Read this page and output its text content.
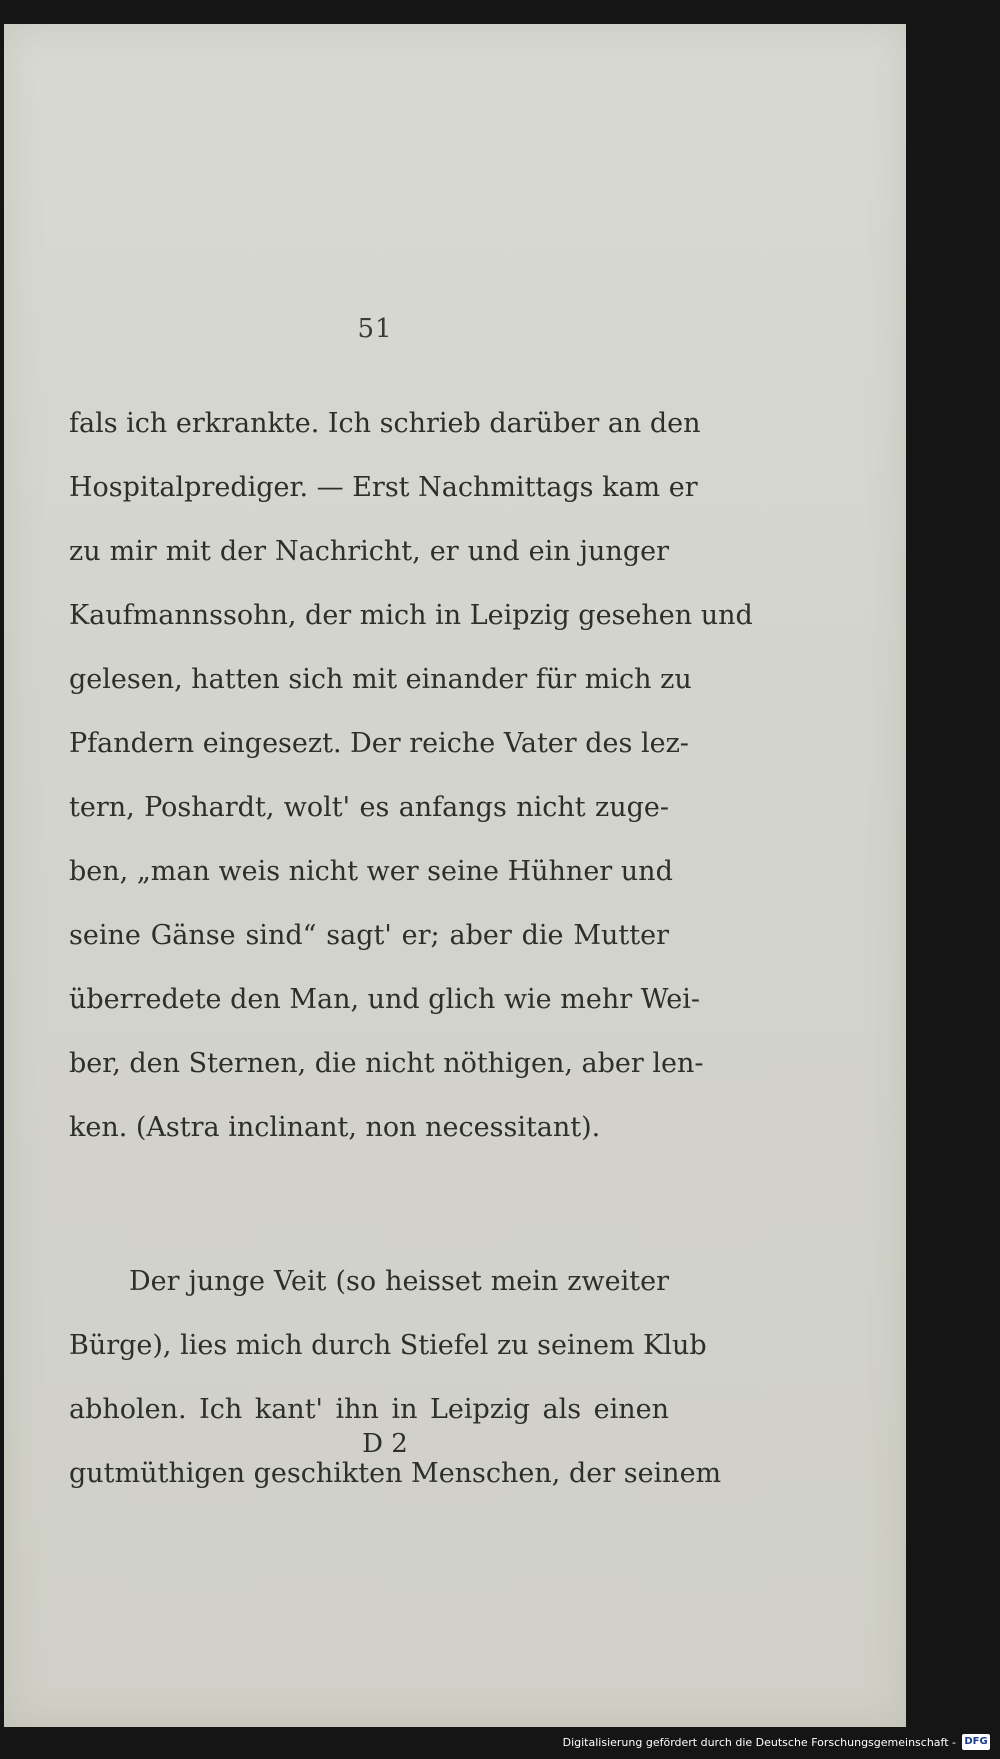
51
fals ich erkrankte. Ich schrieb darüber an den
Hospitalprediger. — Erst Nachmittags kam er
zu mir mit der Nachricht, er und ein junger
Kaufmannssohn, der mich in Leipzig gesehen und
gelesen, hatten sich mit einander für mich zu
Pfandern eingesezt. Der reiche Vater des lez-
tern, Poshardt, wolt' es anfangs nicht zuge-
ben, „man weis nicht wer seine Hühner und
seine Gänse sind“ sagt' er; aber die Mutter
überredete den Man, und glich wie mehr Wei-
ber, den Sternen, die nicht nöthigen, aber len-
ken. (Astra inclinant, non necessitant).
Der junge Veit (so heisset mein zweiter
Bürge), lies mich durch Stiefel zu seinem Klub
abholen. Ich kant' ihn in Leipzig als einen
gutmüthigen geschikten Menschen, der seinem
D 2
Digitalisierung gefördert durch die Deutsche Forschungsgemeinschaft - DFG
